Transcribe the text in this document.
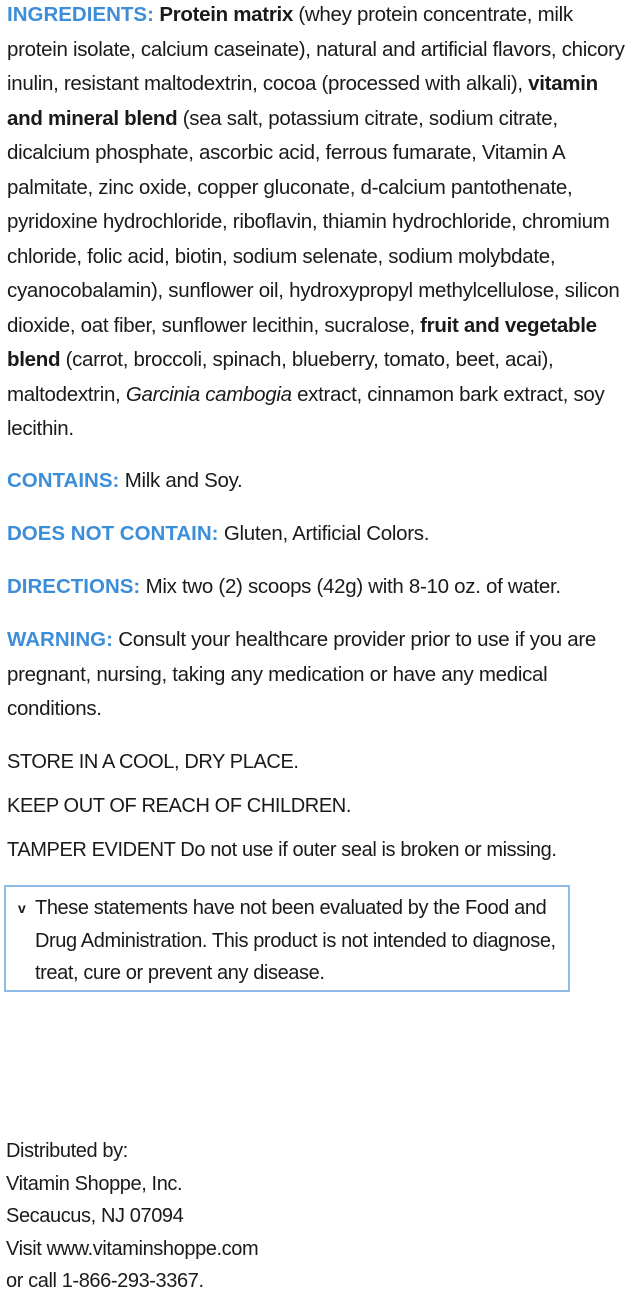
INGREDIENTS: Protein matrix (whey protein concentrate, milk protein isolate, calcium caseinate), natural and artificial flavors, chicory inulin, resistant maltodextrin, cocoa (processed with alkali), vitamin and mineral blend (sea salt, potassium citrate, sodium citrate, dicalcium phosphate, ascorbic acid, ferrous fumarate, Vitamin A palmitate, zinc oxide, copper gluconate, d-calcium pantothenate, pyridoxine hydrochloride, riboflavin, thiamin hydrochloride, chromium chloride, folic acid, biotin, sodium selenate, sodium molybdate, cyanocobalamin), sunflower oil, hydroxypropyl methylcellulose, silicon dioxide, oat fiber, sunflower lecithin, sucralose, fruit and vegetable blend (carrot, broccoli, spinach, blueberry, tomato, beet, acai), maltodextrin, Garcinia cambogia extract, cinnamon bark extract, soy lecithin.
CONTAINS: Milk and Soy.
DOES NOT CONTAIN: Gluten, Artificial Colors.
DIRECTIONS: Mix two (2) scoops (42g) with 8-10 oz. of water.
WARNING: Consult your healthcare provider prior to use if you are pregnant, nursing, taking any medication or have any medical conditions.
STORE IN A COOL, DRY PLACE.
KEEP OUT OF REACH OF CHILDREN.
TAMPER EVIDENT Do not use if outer seal is broken or missing.
v These statements have not been evaluated by the Food and Drug Administration. This product is not intended to diagnose, treat, cure or prevent any disease.
Distributed by:
Vitamin Shoppe, Inc.
Secaucus, NJ 07094
Visit www.vitaminshoppe.com
or call 1-866-293-3367.
